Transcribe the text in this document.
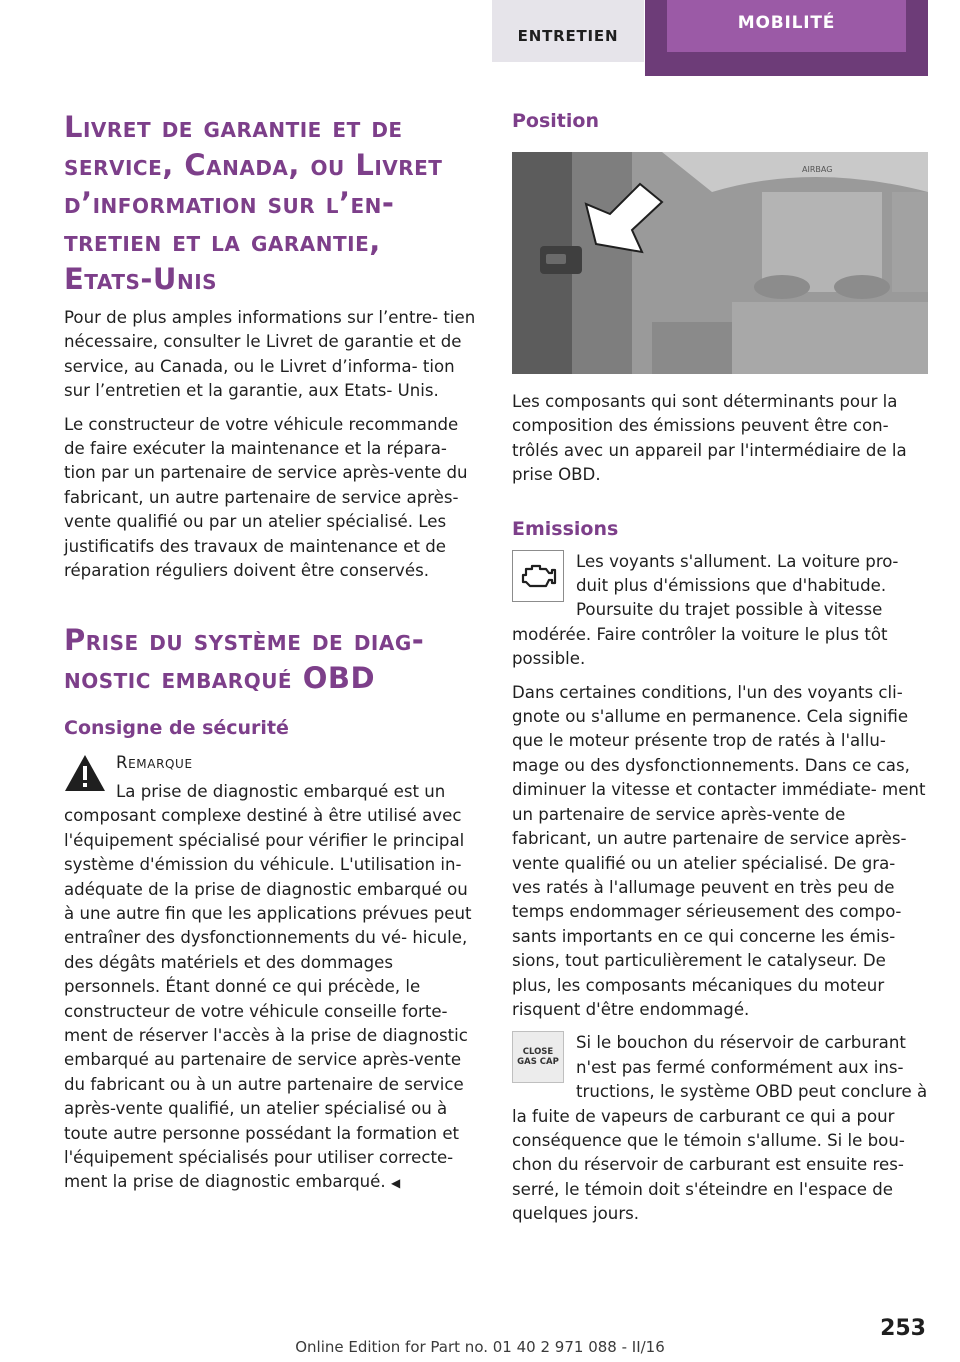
ENTRETIEN
MOBILITÉ
Livret de garantie et de service, Canada, ou Livret d’information sur l’en‐ tretien et la garantie, Etats-Unis

Pour de plus amples informations sur l’entre‐ tien nécessaire, consulter le Livret de garantie et de service, au Canada, ou le Livret d’informa‐ tion sur l’entretien et la garantie, aux Etats- Unis.

Le constructeur de votre véhicule recommande de faire exécuter la maintenance et la répara‐ tion par un partenaire de service après-vente du fabricant, un autre partenaire de service après-vente qualifié ou par un atelier spécialisé. Les justificatifs des travaux de maintenance et de réparation réguliers doivent être conservés.

Prise du système de diag‐ nostic embarqué OBD
Consigne de sécurité
Remarque

La prise de diagnostic embarqué est un composant complexe destiné à être utilisé avec l'équipement spécialisé pour vérifier le principal système d'émission du véhicule. L'utilisation in‐ adéquate de la prise de diagnostic embarqué ou à une autre fin que les applications prévues peut entraîner des dysfonctionnements du vé‐ hicule, des dégâts matériels et des dommages personnels. Étant donné ce qui précède, le constructeur de votre véhicule conseille forte‐ ment de réserver l'accès à la prise de diagnostic embarqué au partenaire de service après-vente du fabricant ou à un autre partenaire de service après-vente qualifié, un atelier spécialisé ou à toute autre personne possédant la formation et l'équipement spécialisés pour utiliser correcte‐ ment la prise de diagnostic embarqué. ◀

Position
AIRBAG

Les composants qui sont déterminants pour la composition des émissions peuvent être con‐ trôlés avec un appareil par l'intermédiaire de la prise OBD.

Emissions

Les voyants s'allument. La voiture pro‐ duit plus d'émissions que d'habitude. Poursuite du trajet possible à vitesse modérée. Faire contrôler la voiture le plus tôt possible.

Dans certaines conditions, l'un des voyants cli‐ gnote ou s'allume en permanence. Cela signifie que le moteur présente trop de ratés à l'allu‐ mage ou des dysfonctionnements. Dans ce cas, diminuer la vitesse et contacter immédiate‐ ment un partenaire de service après-vente de fabricant, un autre partenaire de service après- vente qualifié ou un atelier spécialisé. De gra‐ ves ratés à l'allumage peuvent en très peu de temps endommager sérieusement des compo‐ sants importants en ce qui concerne les émis‐ sions, tout particulièrement le catalyseur. De plus, les composants mécaniques du moteur risquent d'être endommagé.

CLOSE
GAS CAP

Si le bouchon du réservoir de carburant n'est pas fermé conformément aux ins‐ tructions, le système OBD peut conclure à la fuite de vapeurs de carburant ce qui a pour conséquence que le témoin s'allume. Si le bou‐ chon du réservoir de carburant est ensuite res‐ serré, le témoin doit s'éteindre en l'espace de quelques jours.

253
Online Edition for Part no. 01 40 2 971 088 - II/16
